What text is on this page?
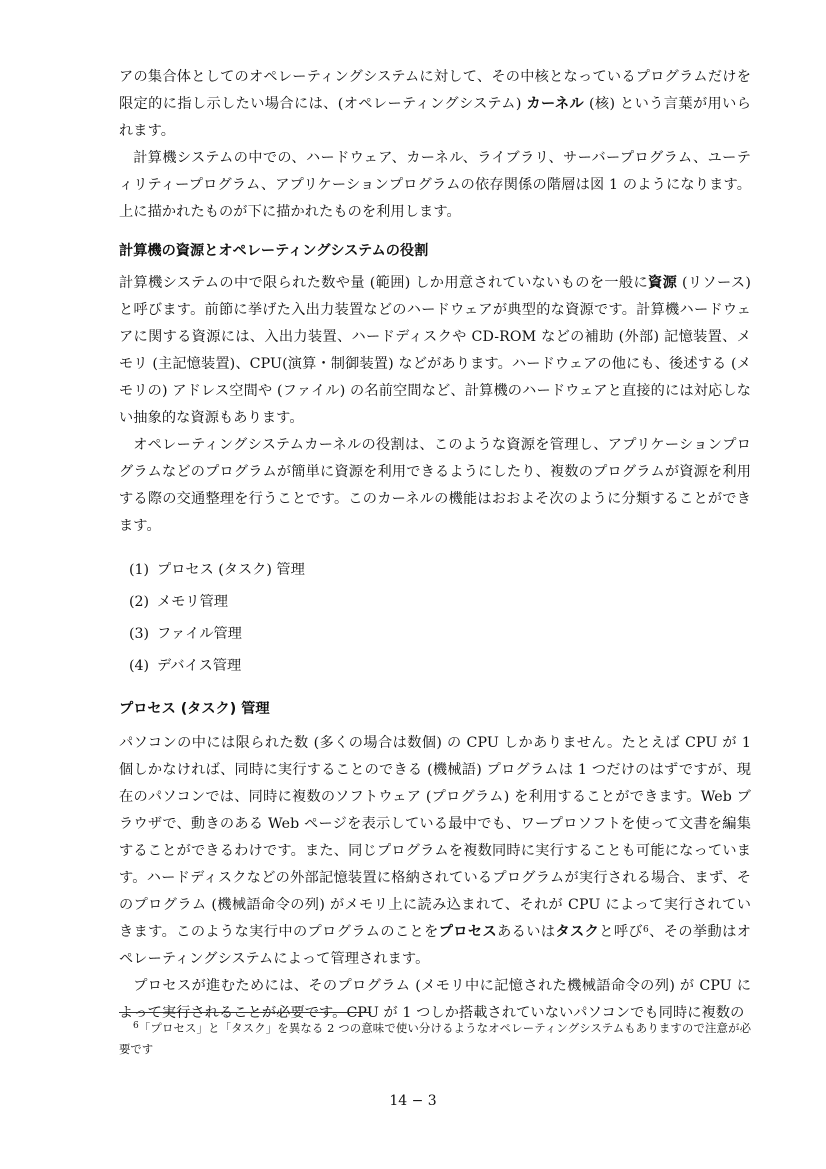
アの集合体としてのオペレーティングシステムに対して、その中核となっているプログラムだけを限定的に指し示したい場合には、(オペレーティングシステム) カーネル (核) という言葉が用いられます。

計算機システムの中での、ハードウェア、カーネル、ライブラリ、サーバープログラム、ユーティリティープログラム、アプリケーションプログラムの依存関係の階層は図 1 のようになります。上に描かれたものが下に描かれたものを利用します。

計算機の資源とオペレーティングシステムの役割

計算機システムの中で限られた数や量 (範囲) しか用意されていないものを一般に資源 (リソース) と呼びます。前節に挙げた入出力装置などのハードウェアが典型的な資源です。計算機ハードウェアに関する資源には、入出力装置、ハードディスクや CD-ROM などの補助 (外部) 記憶装置、メモリ (主記憶装置)、CPU(演算・制御装置) などがあります。ハードウェアの他にも、後述する (メモリの) アドレス空間や (ファイル) の名前空間など、計算機のハードウェアと直接的には対応しない抽象的な資源もあります。

オペレーティングシステムカーネルの役割は、このような資源を管理し、アプリケーションプログラムなどのプログラムが簡単に資源を利用できるようにしたり、複数のプログラムが資源を利用する際の交通整理を行うことです。このカーネルの機能はおおよそ次のように分類することができます。

(1) プロセス (タスク) 管理
(2) メモリ管理
(3) ファイル管理
(4) デバイス管理
プロセス (タスク) 管理

パソコンの中には限られた数 (多くの場合は数個) の CPU しかありません。たとえば CPU が 1 個しかなければ、同時に実行することのできる (機械語) プログラムは 1 つだけのはずですが、現在のパソコンでは、同時に複数のソフトウェア (プログラム) を利用することができます。Web ブラウザで、動きのある Web ページを表示している最中でも、ワープロソフトを使って文書を編集することができるわけです。また、同じプログラムを複数同時に実行することも可能になっています。ハードディスクなどの外部記憶装置に格納されているプログラムが実行される場合、まず、そのプログラム (機械語命令の列) がメモリ上に読み込まれて、それが CPU によって実行されていきます。このような実行中のプログラムのことをプロセスあるいはタスクと呼び$^6$、その挙動はオペレーティングシステムによって管理されます。

プロセスが進むためには、そのプログラム (メモリ中に記憶された機械語命令の列) が CPU によって実行されることが必要です。CPU が 1 つしか搭載されていないパソコンでも同時に複数の

$^6$「プロセス」と「タスク」を異なる 2 つの意味で使い分けるようなオペレーティングシステムもありますので注意が必要です
14 − 3
